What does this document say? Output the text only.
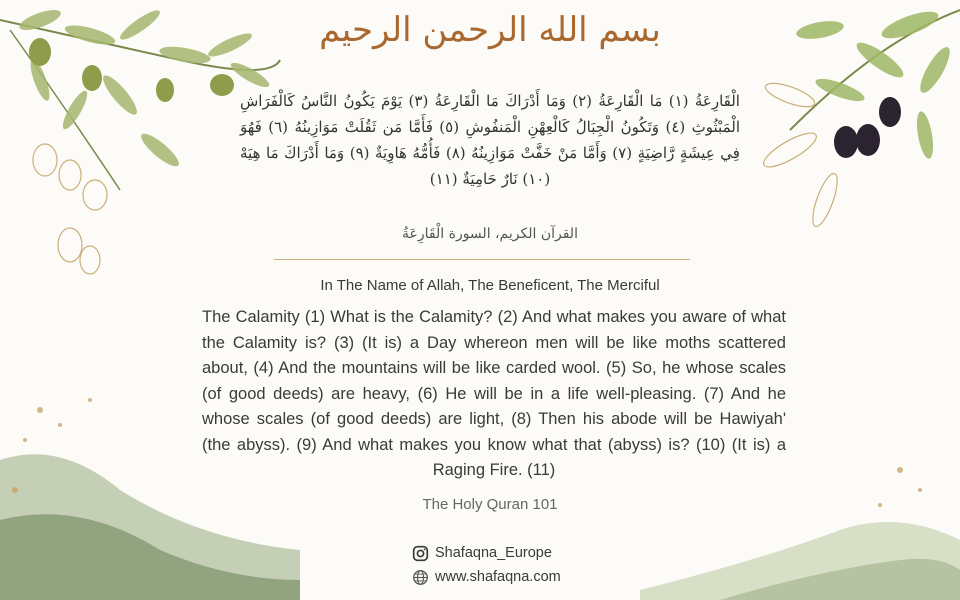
بسم الله الرحمن الرحيم
الْقَارِعَةُ (١) مَا الْقَارِعَةُ (٢) وَمَا أَدْرَاكَ مَا الْقَارِعَةُ (٣) يَوْمَ يَكُونُ النَّاسُ كَالْفَرَاشِ الْمَبْثُوثِ (٤) وَتَكُونُ الْجِبَالُ كَالْعِهْنِ الْمَنفُوشِ (٥) فَأَمَّا مَن ثَقُلَتْ مَوَازِينُهُ (٦) فَهُوَ فِي عِيشَةٍ رَّاضِيَةٍ (٧) وَأَمَّا مَنْ خَفَّتْ مَوَازِينُهُ (٨) فَأُمُّهُ هَاوِيَةٌ (٩) وَمَا أَدْرَاكَ مَا هِيَهْ (١٠) نَارٌ حَامِيَةٌ (١١)
القرآن الكريم، السورة الْقَارِعَةُ
In The Name of Allah, The Beneficent, The Merciful
The Calamity (1) What is the Calamity? (2) And what makes you aware of what the Calamity is? (3) (It is) a Day whereon men will be like moths scattered about, (4) And the mountains will be like carded wool. (5) So, he whose scales (of good deeds) are heavy, (6) He will be in a life well-pleasing. (7) And he whose scales (of good deeds) are light, (8) Then his abode will be Hawiyah' (the abyss). (9) And what makes you know what that (abyss) is? (10) (It is) a Raging Fire. (11)
The Holy Quran 101
Shafaqna_Europe
www.shafaqna.com
